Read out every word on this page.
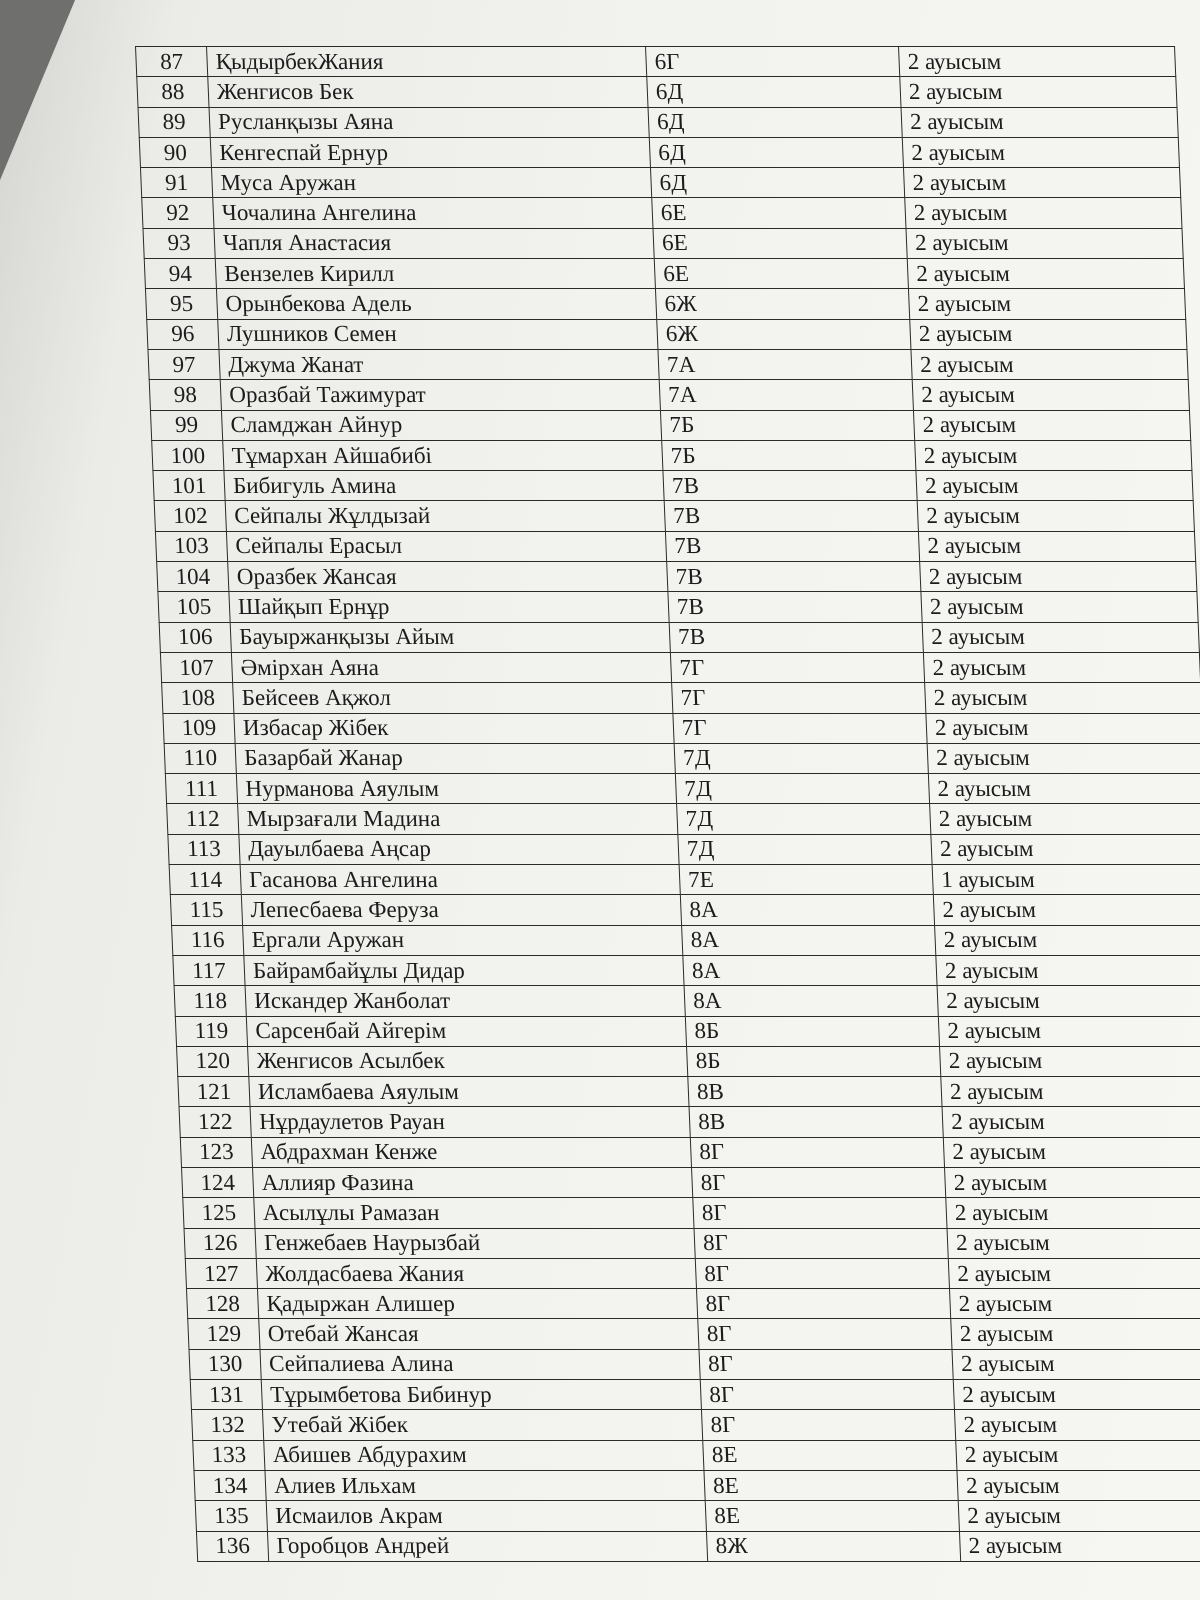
87	ҚыдырбекЖания	6Г	2 ауысым
88	Женгисов Бек	6Д	2 ауысым
89	Русланқызы Аяна	6Д	2 ауысым
90	Кенгеспай Ернур	6Д	2 ауысым
91	Муса Аружан	6Д	2 ауысым
92	Чочалина Ангелина	6Е	2 ауысым
93	Чапля Анастасия	6Е	2 ауысым
94	Вензелев Кирилл	6Е	2 ауысым
95	Орынбекова Адель	6Ж	2 ауысым
96	Лушников Семен	6Ж	2 ауысым
97	Джума Жанат	7А	2 ауысым
98	Оразбай Тажимурат	7А	2 ауысым
99	Сламджан Айнур	7Б	2 ауысым
100	Тұмархан Айшабибі	7Б	2 ауысым
101	Бибигуль Амина	7В	2 ауысым
102	Сейпалы Жұлдызай	7В	2 ауысым
103	Сейпалы Ерасыл	7В	2 ауысым
104	Оразбек Жансая	7В	2 ауысым
105	Шайқып Ернұр	7В	2 ауысым
106	Бауыржанқызы Айым	7В	2 ауысым
107	Әмірхан Аяна	7Г	2 ауысым
108	Бейсеев Ақжол	7Г	2 ауысым
109	Избасар Жібек	7Г	2 ауысым
110	Базарбай Жанар	7Д	2 ауысым
111	Нурманова Аяулым	7Д	2 ауысым
112	Мырзағали Мадина	7Д	2 ауысым
113	Дауылбаева Аңсар	7Д	2 ауысым
114	Гасанова Ангелина	7Е	1 ауысым
115	Лепесбаева Феруза	8А	2 ауысым
116	Ергали Аружан	8А	2 ауысым
117	Байрамбайұлы Дидар	8А	2 ауысым
118	Искандер Жанболат	8А	2 ауысым
119	Сарсенбай Айгерім	8Б	2 ауысым
120	Женгисов Асылбек	8Б	2 ауысым
121	Исламбаева Аяулым	8В	2 ауысым
122	Нұрдаулетов Рауан	8В	2 ауысым
123	Абдрахман Кенже	8Г	2 ауысым
124	Аллияр Фазина	8Г	2 ауысым
125	Асылұлы Рамазан	8Г	2 ауысым
126	Генжебаев Наурызбай	8Г	2 ауысым
127	Жолдасбаева Жания	8Г	2 ауысым
128	Қадыржан Алишер	8Г	2 ауысым
129	Отебай Жансая	8Г	2 ауысым
130	Сейпалиева Алина	8Г	2 ауысым
131	Тұрымбетова Бибинур	8Г	2 ауысым
132	Утебай Жібек	8Г	2 ауысым
133	Абишев Абдурахим	8Е	2 ауысым
134	Алиев Ильхам	8Е	2 ауысым
135	Исмаилов Акрам	8Е	2 ауысым
136	Горобцов Андрей	8Ж	2 ауысым
